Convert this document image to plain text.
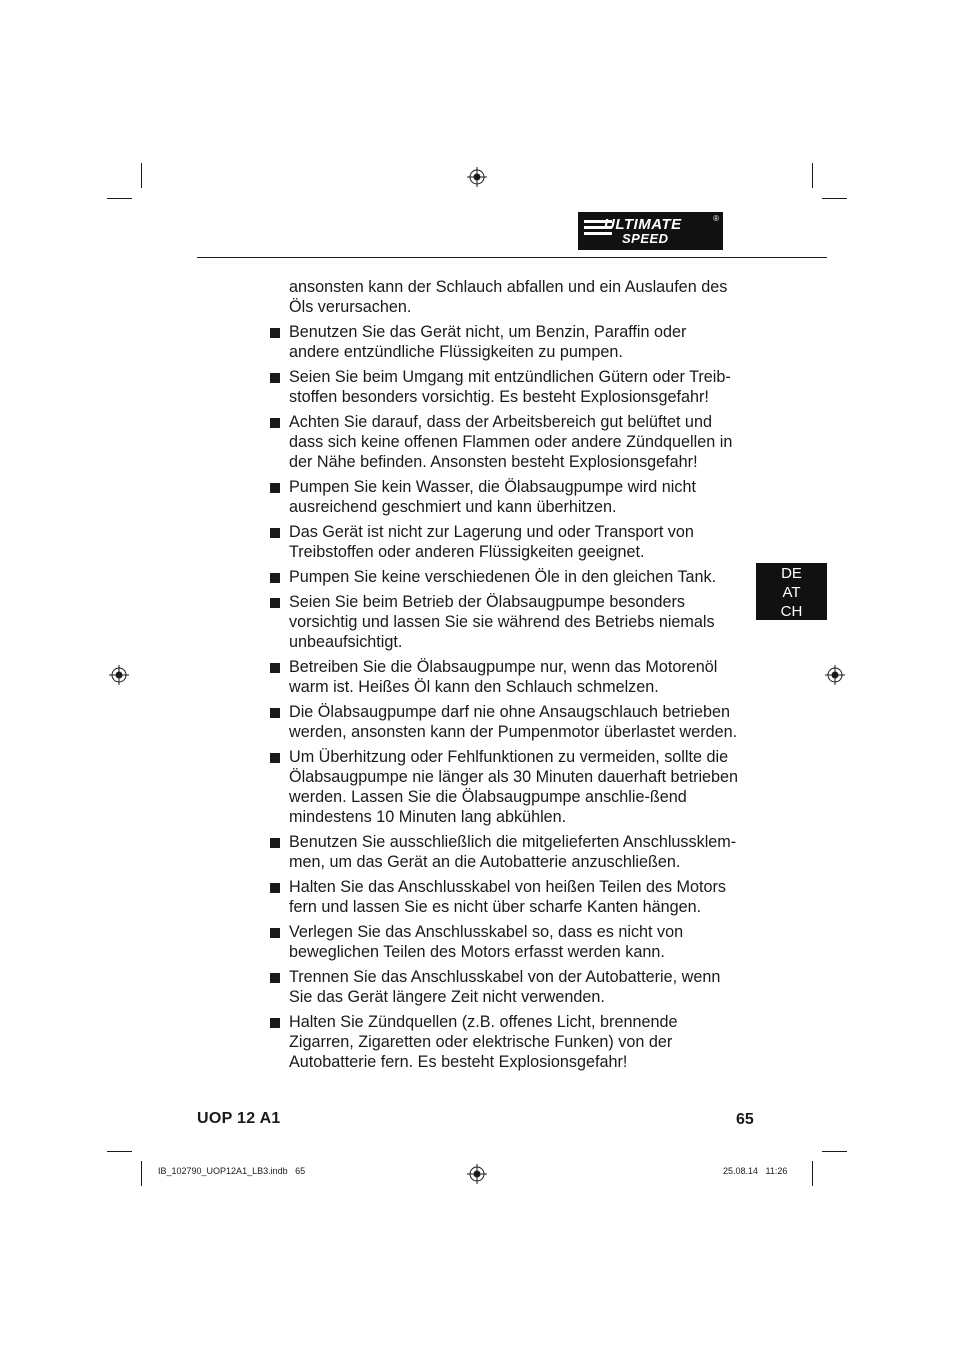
ULTIMATE
SPEED
®
DE
AT
CH

ansonsten kann der Schlauch abfallen und ein Auslaufen des Öls verursachen.

Benutzen Sie das Gerät nicht, um Benzin, Paraffin oder andere entzündliche Flüssigkeiten zu pumpen.

Seien Sie beim Umgang mit entzündlichen Gütern oder Treib-stoffen besonders vorsichtig. Es besteht Explosionsgefahr!

Achten Sie darauf, dass der Arbeitsbereich gut belüftet und dass sich keine offenen Flammen oder andere Zündquellen in der Nähe befinden. Ansonsten besteht Explosionsgefahr!

Pumpen Sie kein Wasser, die Ölabsaugpumpe wird nicht ausreichend geschmiert und kann überhitzen.

Das Gerät ist nicht zur Lagerung und oder Transport von Treibstoffen oder anderen Flüssigkeiten geeignet.

Pumpen Sie keine verschiedenen Öle in den gleichen Tank.

Seien Sie beim Betrieb der Ölabsaugpumpe besonders vorsichtig und lassen Sie sie während des Betriebs niemals unbeaufsichtigt.

Betreiben Sie die Ölabsaugpumpe nur, wenn das Motorenöl warm ist. Heißes Öl kann den Schlauch schmelzen.

Die Ölabsaugpumpe darf nie ohne Ansaugschlauch betrieben werden, ansonsten kann der Pumpenmotor überlastet werden.

Um Überhitzung oder Fehlfunktionen zu vermeiden, sollte die Ölabsaugpumpe nie länger als 30 Minuten dauerhaft betrieben werden. Lassen Sie die Ölabsaugpumpe anschlie-ßend mindestens 10 Minuten lang abkühlen.

Benutzen Sie ausschließlich die mitgelieferten Anschlussklem-men, um das Gerät an die Autobatterie anzuschließen.

Halten Sie das Anschlusskabel von heißen Teilen des Motors fern und lassen Sie es nicht über scharfe Kanten hängen.

Verlegen Sie das Anschlusskabel so, dass es nicht von beweglichen Teilen des Motors erfasst werden kann.

Trennen Sie das Anschlusskabel von der Autobatterie, wenn Sie das Gerät längere Zeit nicht verwenden.

Halten Sie Zündquellen (z.B. offenes Licht, brennende Zigarren, Zigaretten oder elektrische Funken) von der Autobatterie fern. Es besteht Explosionsgefahr!

UOP 12 A1	65
IB_102790_UOP12A1_LB3.indb   65	25.08.14   11:26
